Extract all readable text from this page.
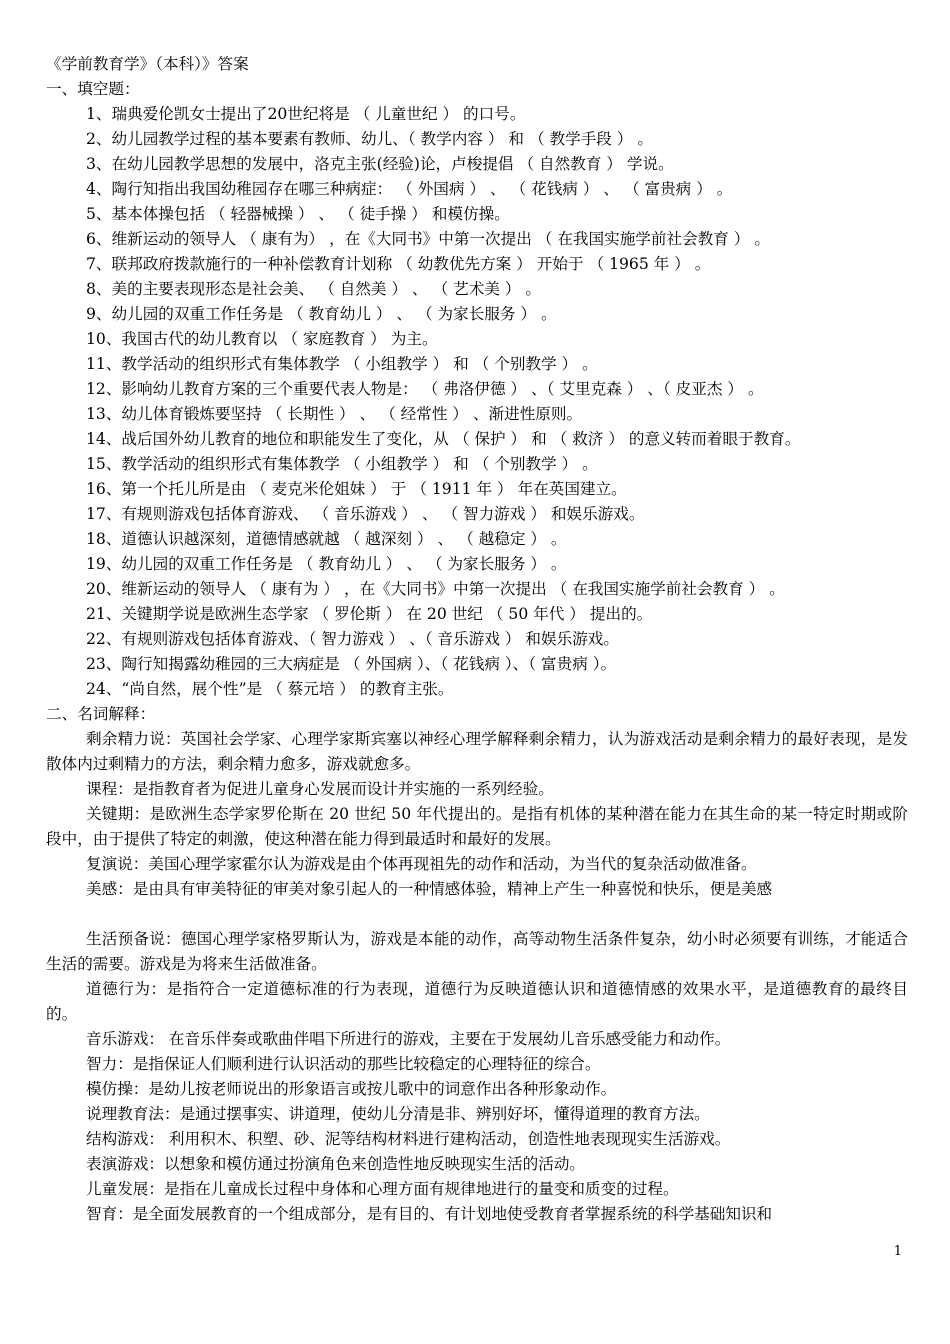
《学前教育学》（本科）》答案
一、填空题：
1、瑞典爱伦凯女士提出了20世纪将是 （ 儿童世纪 ） 的口号。
2、幼儿园教学过程的基本要素有教师、幼儿、（ 教学内容 ） 和 （ 教学手段 ） 。
3、在幼儿园教学思想的发展中，洛克主张(经验)论，卢梭提倡 （ 自然教育 ） 学说。
4、陶行知指出我国幼稚园存在哪三种病症： （ 外国病 ） 、 （ 花钱病 ） 、 （ 富贵病 ） 。
5、基本体操包括 （ 轻器械操 ） 、 （ 徒手操 ） 和模仿操。
6、维新运动的领导人 （ 康有为） ，在《大同书》中第一次提出 （ 在我国实施学前社会教育 ） 。
7、联邦政府拨款施行的一种补偿教育计划称 （ 幼教优先方案 ） 开始于 （ 1965 年 ） 。
8、美的主要表现形态是社会美、 （ 自然美 ） 、 （ 艺术美 ） 。
9、幼儿园的双重工作任务是 （ 教育幼儿 ） 、 （ 为家长服务 ） 。
10、我国古代的幼儿教育以 （ 家庭教育 ） 为主。
11、教学活动的组织形式有集体教学 （ 小组教学 ） 和 （ 个别教学 ） 。
12、影响幼儿教育方案的三个重要代表人物是： （ 弗洛伊德 ） 、（ 艾里克森 ） 、（ 皮亚杰 ） 。
13、幼儿体育锻炼要坚持 （ 长期性 ） 、 （ 经常性 ） 、渐进性原则。
14、战后国外幼儿教育的地位和职能发生了变化，从 （ 保护 ） 和 （ 救济 ） 的意义转而着眼于教育。
15、教学活动的组织形式有集体教学 （ 小组教学 ） 和 （ 个别教学 ） 。
16、第一个托儿所是由 （ 麦克米伦姐妹 ） 于 （ 1911 年 ） 年在英国建立。
17、有规则游戏包括体育游戏、 （ 音乐游戏 ） 、 （ 智力游戏 ） 和娱乐游戏。
18、道德认识越深刻，道德情感就越 （ 越深刻 ） 、 （ 越稳定 ） 。
19、幼儿园的双重工作任务是 （ 教育幼儿 ） 、 （ 为家长服务 ） 。
20、维新运动的领导人 （ 康有为 ） ，在《大同书》中第一次提出 （ 在我国实施学前社会教育 ） 。
21、关键期学说是欧洲生态学家 （ 罗伦斯 ） 在 20 世纪 （ 50 年代 ） 提出的。
22、有规则游戏包括体育游戏、（ 智力游戏 ） 、（ 音乐游戏 ） 和娱乐游戏。
23、陶行知揭露幼稚园的三大病症是 （ 外国病 ）、（ 花钱病 ）、（ 富贵病 ）。
24、“尚自然，展个性”是 （ 蔡元培 ） 的教育主张。
二、名词解释：
剩余精力说：英国社会学家、心理学家斯宾塞以神经心理学解释剩余精力，认为游戏活动是剩余精力的最好表现，是发散体内过剩精力的方法，剩余精力愈多，游戏就愈多。
课程：是指教育者为促进儿童身心发展而设计并实施的一系列经验。
关键期：是欧洲生态学家罗伦斯在 20 世纪 50 年代提出的。是指有机体的某种潜在能力在其生命的某一特定时期或阶段中，由于提供了特定的刺激，使这种潜在能力得到最适时和最好的发展。
复演说：美国心理学家霍尔认为游戏是由个体再现祖先的动作和活动，为当代的复杂活动做准备。
美感：是由具有审美特征的审美对象引起人的一种情感体验，精神上产生一种喜悦和快乐，便是美感
生活预备说：德国心理学家格罗斯认为，游戏是本能的动作，高等动物生活条件复杂，幼小时必须要有训练，才能适合生活的需要。游戏是为将来生活做准备。
道德行为：是指符合一定道德标准的行为表现，道德行为反映道德认识和道德情感的效果水平，是道德教育的最终目的。
音乐游戏： 在音乐伴奏或歌曲伴唱下所进行的游戏，主要在于发展幼儿音乐感受能力和动作。
智力：是指保证人们顺利进行认识活动的那些比较稳定的心理特征的综合。
模仿操：是幼儿按老师说出的形象语言或按儿歌中的词意作出各种形象动作。
说理教育法：是通过摆事实、讲道理，使幼儿分清是非、辨别好坏，懂得道理的教育方法。
结构游戏： 利用积木、积塑、砂、泥等结构材料进行建构活动，创造性地表现现实生活游戏。
表演游戏：以想象和模仿通过扮演角色来创造性地反映现实生活的活动。
儿童发展：是指在儿童成长过程中身体和心理方面有规律地进行的量变和质变的过程。
智育：是全面发展教育的一个组成部分，是有目的、有计划地使受教育者掌握系统的科学基础知识和
1
